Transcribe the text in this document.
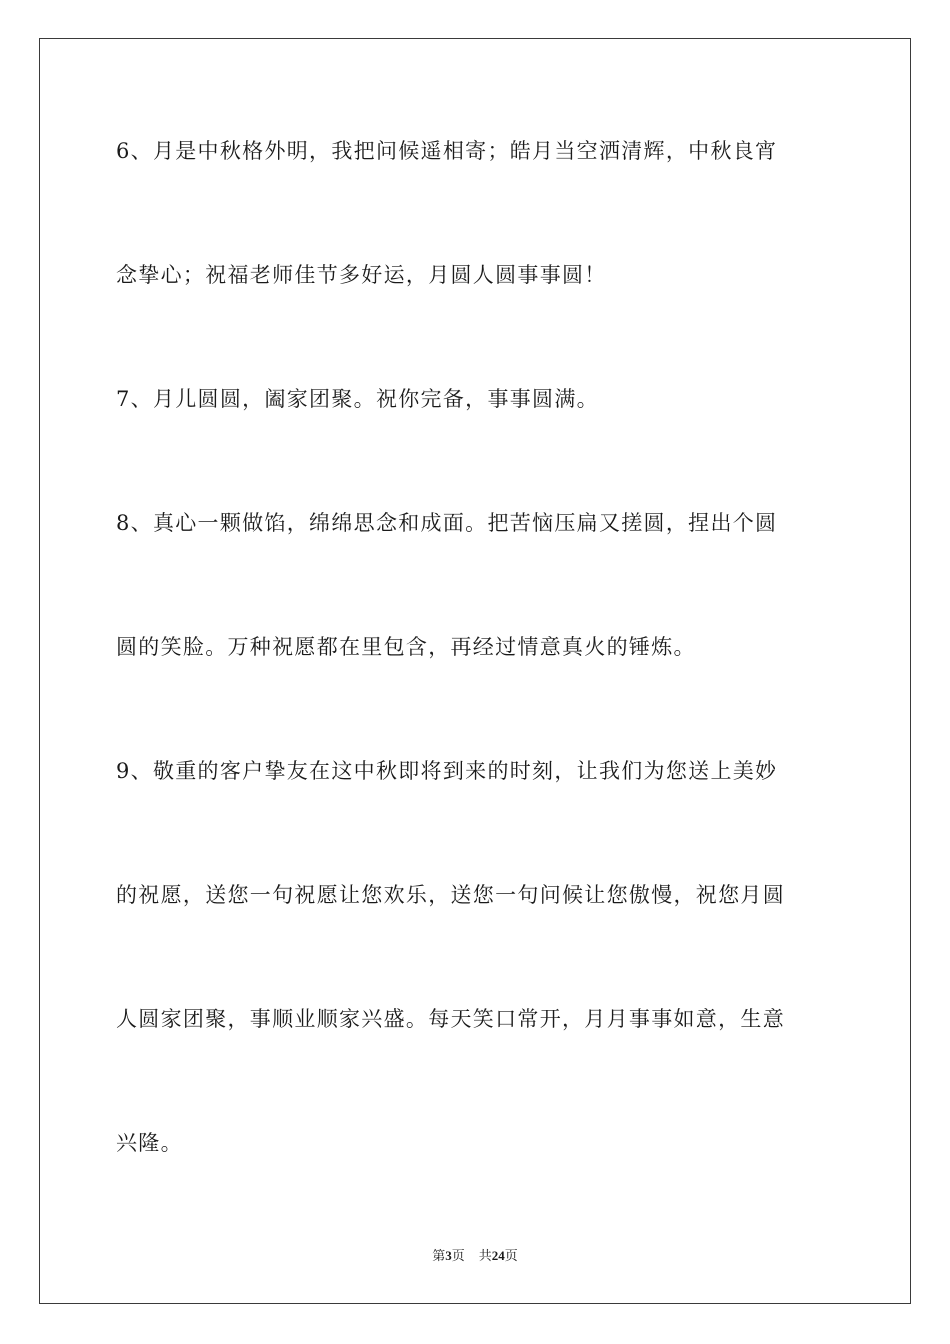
6、月是中秋格外明，我把问候遥相寄；皓月当空洒清辉，中秋良宵
念挚心；祝福老师佳节多好运，月圆人圆事事圆！
7、月儿圆圆，阖家团聚。祝你完备，事事圆满。
8、真心一颗做馅，绵绵思念和成面。把苦恼压扁又搓圆，捏出个圆
圆的笑脸。万种祝愿都在里包含，再经过情意真火的锤炼。
9、敬重的客户挚友在这中秋即将到来的时刻，让我们为您送上美妙
的祝愿，送您一句祝愿让您欢乐，送您一句问候让您傲慢，祝您月圆
人圆家团聚，事顺业顺家兴盛。每天笑口常开，月月事事如意，生意
兴隆。
第3页 共24页
